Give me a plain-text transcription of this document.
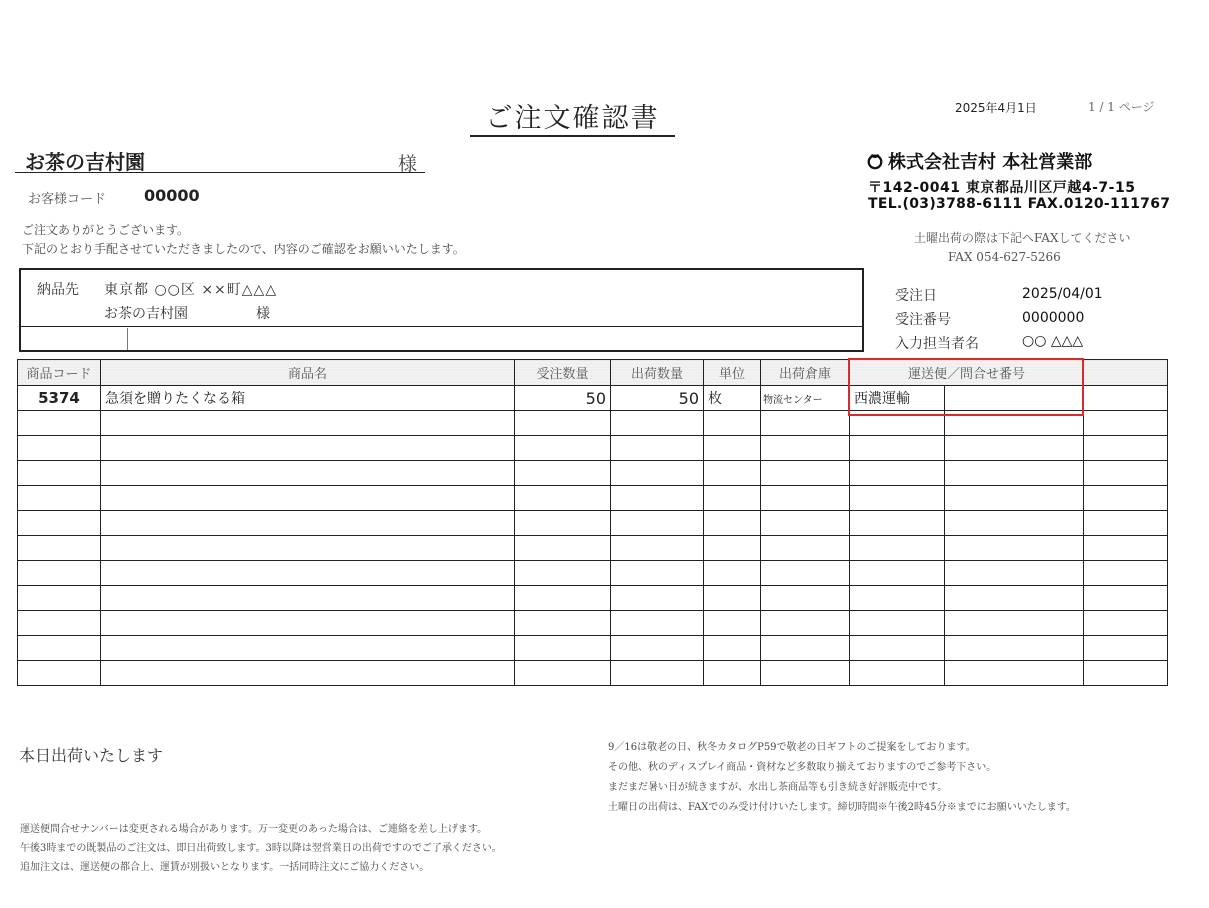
ご注文確認書	2025年4月1日	1 / 1 ページ
お茶の吉村園	様
お客様コード 00000
ご注文ありがとうございます。
下記のとおり手配させていただきましたので、内容のご確認をお願いいたします。
株式会社吉村 本社営業部
〒142-0041 東京都品川区戸越4-7-15
TEL.(03)3788-6111 FAX.0120-111767
土曜出荷の際は下記へFAXしてください
FAX 054-627-5266
納品先 東京都 ○○区 ××町△△△
お茶の吉村園	様
受注日	2025/04/01
受注番号	0000000
入力担当者名	○○ △△△
商品コード	商品名	受注数量	出荷数量	単位	出荷倉庫	運送便／問合せ番号		
5374	急須を贈りたくなる箱	50	50	枚	物流センター	西濃運輸		

本日出荷いたします	9／16は敬老の日、秋冬カタログP59で敬老の日ギフトのご提案をしております。
その他、秋のディスプレイ商品・資材など多数取り揃えておりますのでご参考下さい。
まだまだ暑い日が続きますが、水出し茶商品等も引き続き好評販売中です。
土曜日の出荷は、FAXでのみ受け付けいたします。締切時間※午後2時45分※までにお願いいたします。
運送便問合せナンバーは変更される場合があります。万一変更のあった場合は、ご連絡を差し上げます。
午後3時までの既製品のご注文は、即日出荷致します。3時以降は翌営業日の出荷ですのでご了承ください。
追加注文は、運送便の都合上、運賃が別扱いとなります。一括同時注文にご協力ください。
